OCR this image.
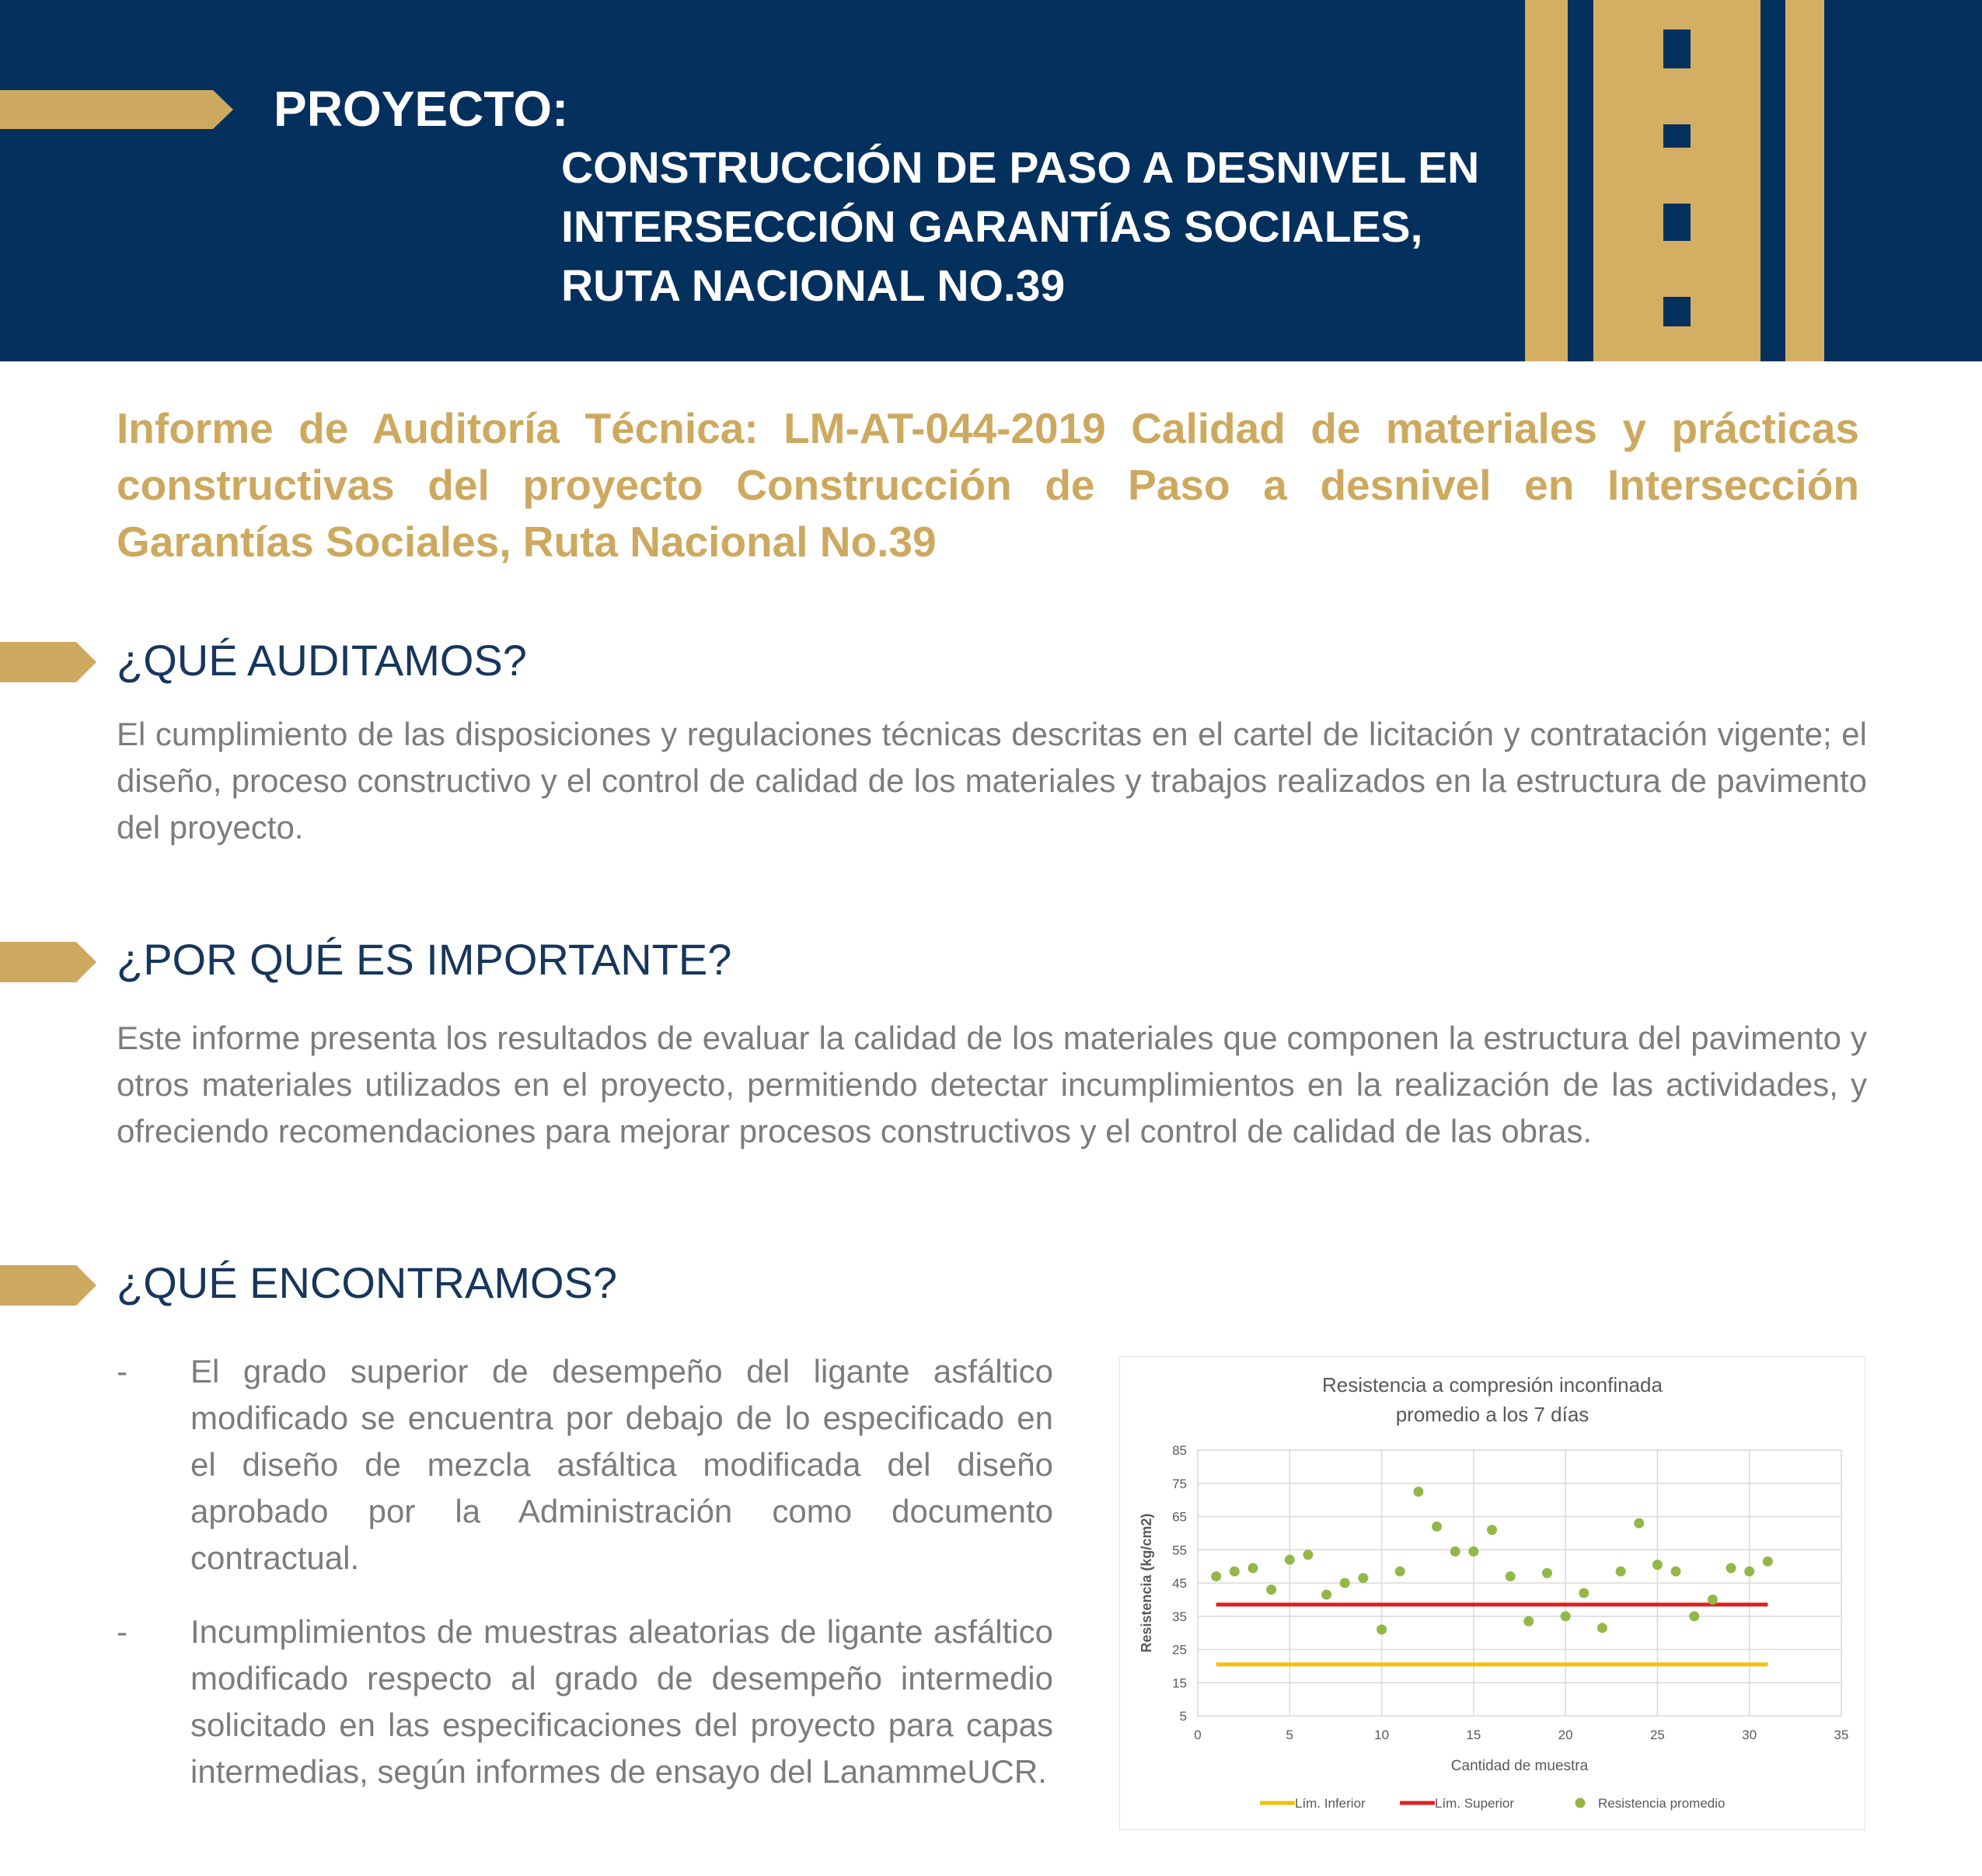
PROYECTO:
CONSTRUCCIÓN DE PASO A DESNIVEL EN
INTERSECCIÓN GARANTÍAS SOCIALES,
RUTA NACIONAL NO.39
Informe de Auditoría Técnica: LM-AT-044-2019 Calidad de materiales y prácticas constructivas del proyecto Construcción de Paso a desnivel en Intersección Garantías Sociales, Ruta Nacional No.39
¿QUÉ AUDITAMOS?

El cumplimiento de las disposiciones y regulaciones técnicas descritas en el cartel de licitación y contratación vigente; el diseño, proceso constructivo y el control de calidad de los materiales y trabajos realizados en la estructura de pavimento del proyecto.

¿POR QUÉ ES IMPORTANTE?

Este informe presenta los resultados de evaluar la calidad de los materiales que componen la estructura del pavimento y otros materiales utilizados en el proyecto, permitiendo detectar incumplimientos en la realización de las actividades, y ofreciendo recomendaciones para mejorar procesos constructivos y el control de calidad de las obras.

¿QUÉ ENCONTRAMOS?
- El grado superior de desempeño del ligante asfáltico modificado se encuentra por debajo de lo especificado en el diseño de mezcla asfáltica modificada del diseño aprobado por la Administración como documento contractual.
- Incumplimientos de muestras aleatorias de ligante asfáltico modificado respecto al grado de desempeño intermedio solicitado en las especificaciones del proyecto para capas intermedias, según informes de ensayo del LanammeUCR.
Resistencia a compresión inconfinada
promedio a los 7 días
5
15
25
35
45
55
65
75
85
0	5	10	15	20	25	30	35
Cantidad de muestra
Resistencia (kg/cm2)
Lím. Inferior	Lím. Superior	Resistencia promedio
